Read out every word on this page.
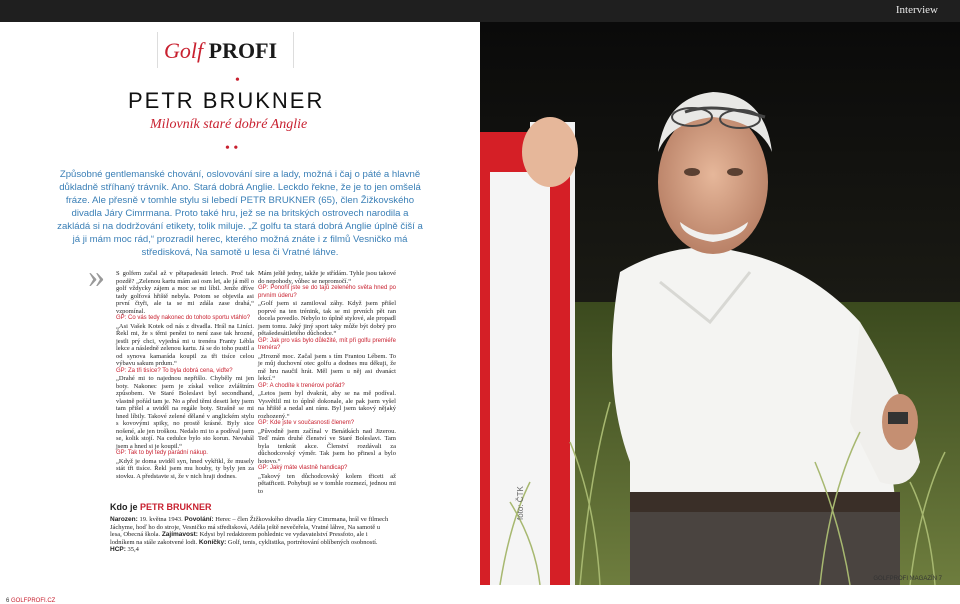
Interview
Golf PROFI
•
PETR BRUKNER
Milovník staré dobré Anglie
• •
Způsobné gentlemanské chování, oslovování sire a lady, možná i čaj o páté a hlavně důkladně stříhaný trávník. Ano. Stará dobrá Anglie. Leckdo řekne, že je to jen omšelá fráze. Ale přesně v tomhle stylu si lebedí PETR BRUKNER (65), člen Žižkovského divadla Járy Cimrmana. Proto také hru, jež se na britských ostrovech narodila a zakládá si na dodržování etikety, tolik miluje. „Z golfu ta stará dobrá Anglie úplně čiší a já ji mám moc rád,“ prozradil herec, kterého možná znáte i z filmů Vesničko má středisková, Na samotě u lesa či Vratné láhve.
» S golfem začal až v pětapadesáti letech. Proč tak pozdě? „Zelenou kartu mám asi osm let, ale já měl o golf vždycky zájem a moc se mi líbil. Jenže dříve tady golfová hřiště nebyla. Potom se objevila asi první čtyři, ale ta se mi zdála zase drahá,“ vzpomínal.

GP: Co vás tedy nakonec do tohoto sportu vtáhlo?

„Asi Vašek Kotek od nás z divadla. Hrál na Liníci. Řekl mi, že s těmi penězi to není zase tak hrozné, jestli prý chci, vyjedná mi u trenéra Franty Lébla lekce a následně zelenou kartu. Já se do toho pustil a od synova kamaráda koupil za tři tisíce celou výbavu sakum prdum.“

GP: Za tři tisíce? To byla dobrá cena, viďte?

„Drahé mi to najednou nepřišlo. Chyběly mi jen boty. Nakonec jsem je získal velice zvláštním způsobem. Ve Staré Boleslavi byl secondhand, vlastně pořád tam je. No a před těmi deseti lety jsem tam přišel a uviděl na regále boty. Strašně se mi hned líbily. Takové zelené dělané v anglickém stylu s kovovými spiky, no prostě krásné. Byly sice nošené, ale jen troškou. Nedalo mi to a podíval jsem se, kolik stojí. Na cedulce bylo sto korun. Nevahál jsem a hned si je koupil.“

GP: Tak to byl tedy parádní nákup.

„Když je doma uviděl syn, hned vykřikl, že musely stát tři tisíce. Řekl jsem mu houby, ty byly jen za stovku. A představte si, že v nich hraji dodnes.

Mám ještě jedny, takže je střídám. Tyhle jsou takové do nepohody, vůbec se nepromočí.“

GP: Ponořil jste se do tajů zeleného světa hned po prvním úderu?

„Golf jsem si zamiloval záhy. Když jsem přišel poprvé na ten trénink, tak se mi prvních pět ran docela povedlo. Nebylo to úplně stylové, ale propadl jsem tomu. Jaký jiný sport taky může být dobrý pro pětašedesátiletého důchodce.“

GP: Jak pro vás bylo důležité, mít při golfu premiéře trenéra?

„Hrozně moc. Začal jsem s tím Frantou Lébem. To je můj duchovní otec golfu a dodnes mu děkuji, že mě hru naučil hrát. Měl jsem u něj asi dvanáct lekcí.“

GP: A chodíte k trenérovi pořád?

„Letos jsem byl dvakrát, aby se na mě podíval. Vysvětlil mi to úplně dokonale, ale pak jsem vyšel na hřiště a nedal ani ránu. Byl jsem takový nějaký rozhozený.“

GP: Kde jste v současnosti členem?

„Původně jsem začínal v Benátkách nad Jizerou. Teď mám druhé členství ve Staré Boleslavi. Tam byla tenkrát akce. Členství rozdávali za důchodcovský výměr. Tak jsem ho přinesl a bylo hotovo.“

GP: Jaký máte vlastně handicap?

„Takový ten důchodcovský kolem třiceti až pětatřiceti. Pohybuji se v tomhle rozmezí, jednou mi to

Kdo je PETR BRUKNER
Narozen: 19. května 1943. Povolání: Herec – člen Žižkovského divadla Járy Cimrmana, hrál ve filmech Jáchyme, hoď ho do stroje, Vesničko má středisková, Adéla ještě nevečeřela, Vratné láhve, Na samotě u lesa, Obecná škola. Zajímavost: Kdysi byl redaktorem pohlednic ve vydavatelství Pressfoto, ale i lodníkem na stále zakotvené lodi. Koníčky: Golf, tenis, cyklistika, portrétování oblíbených osobností. HCP: 35,4
6 GOLFPROFI.CZ
foto: ČTK
GOLFPROFI MAGAZÍN 7
